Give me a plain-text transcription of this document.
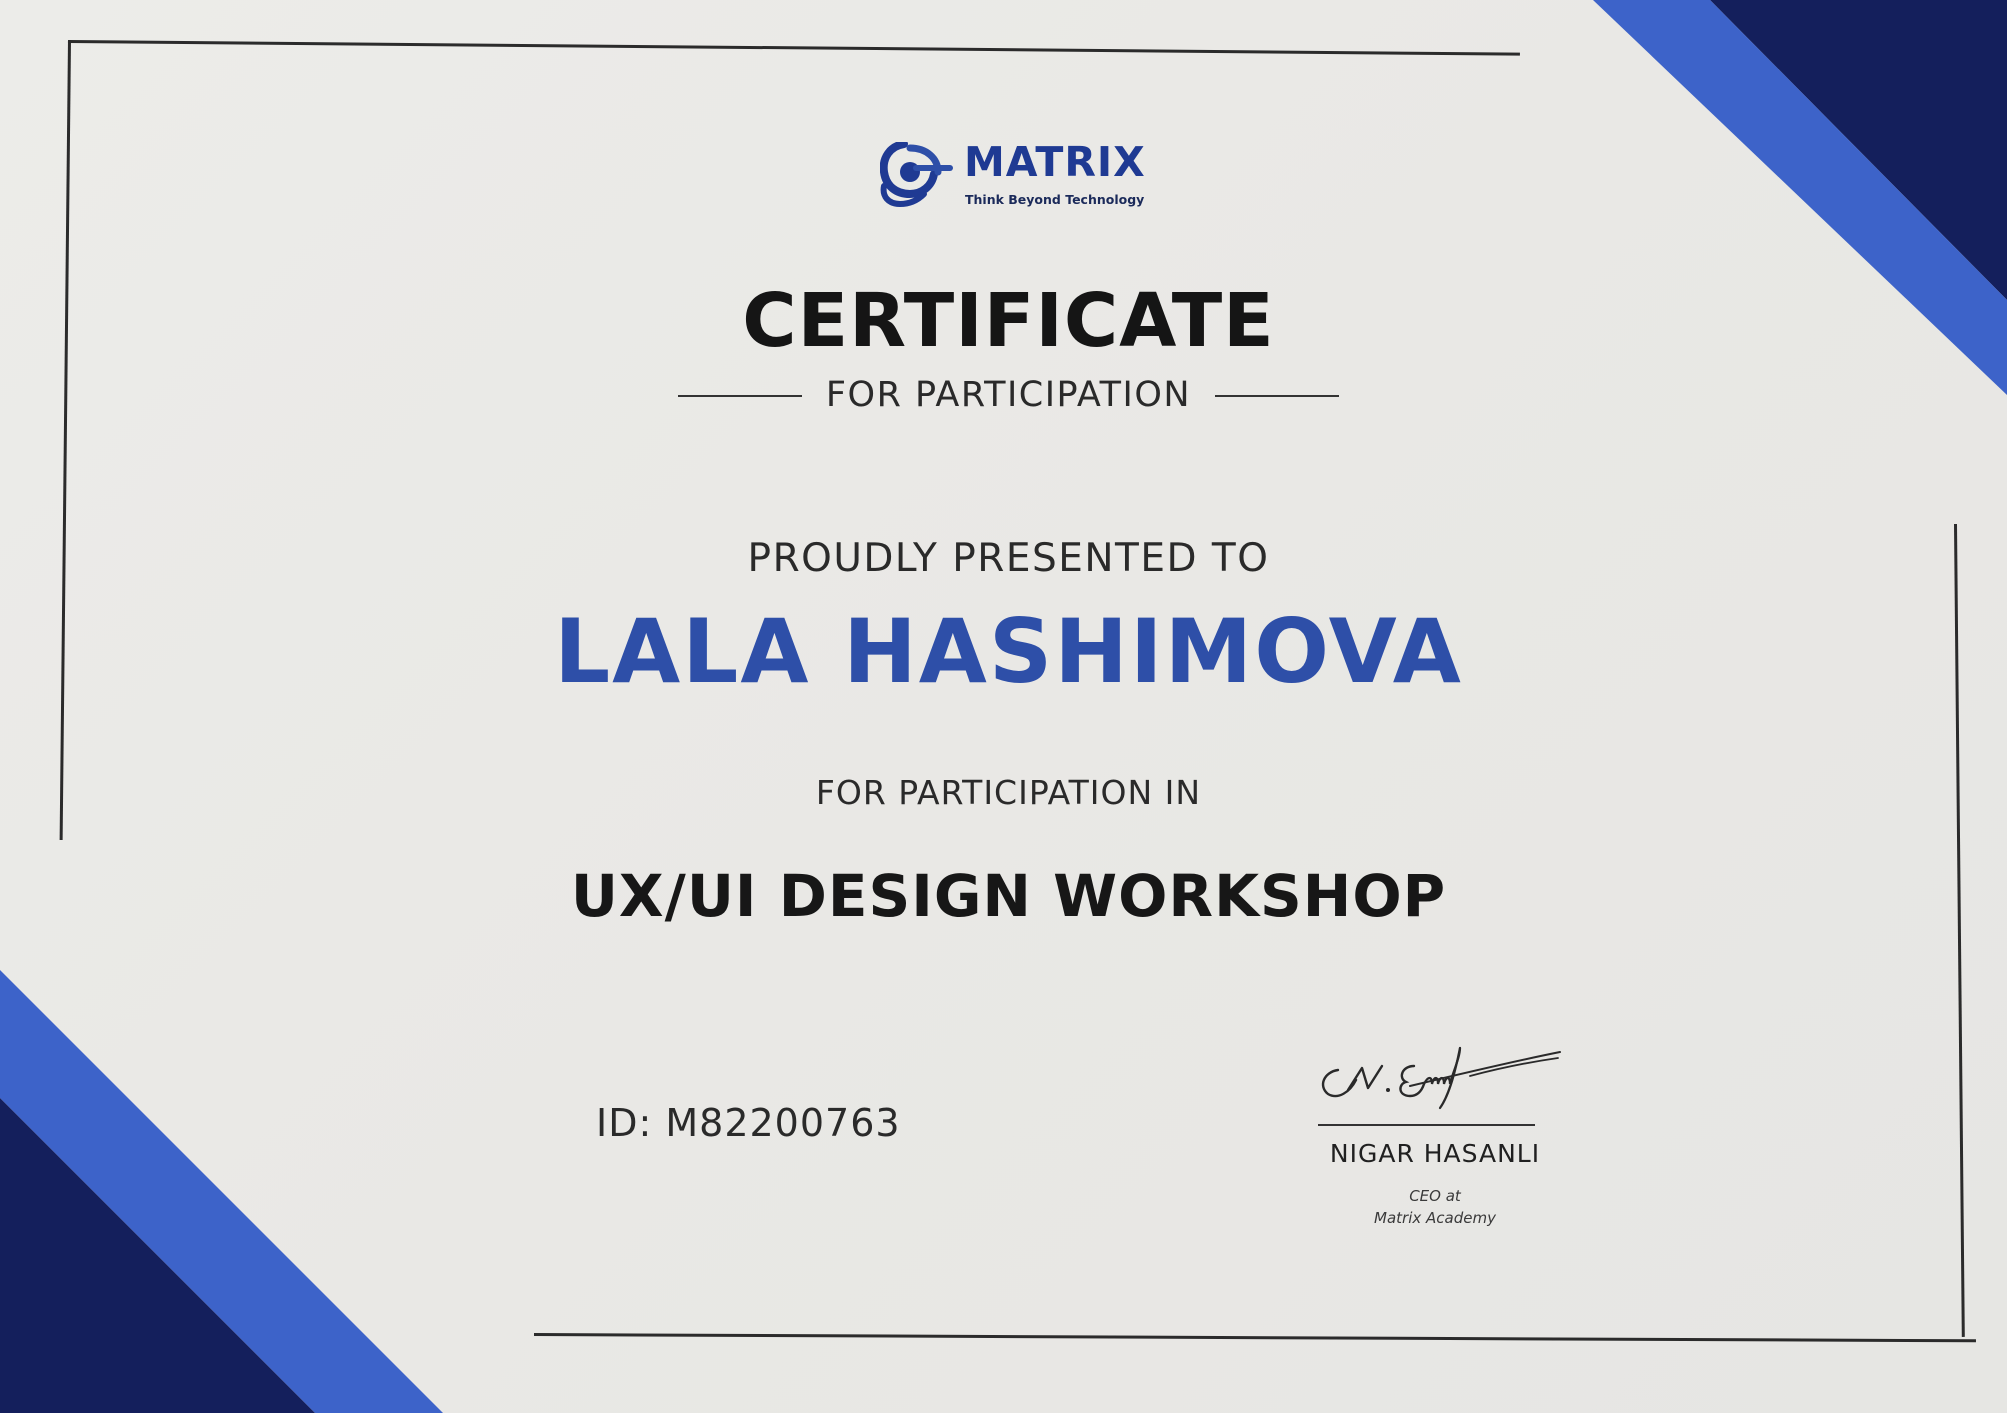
MATRIX
Think Beyond Technology
CERTIFICATE
FOR PARTICIPATION
PROUDLY PRESENTED TO
LALA HASHIMOVA
FOR PARTICIPATION IN
UX/UI DESIGN WORKSHOP
ID: M82200763
NIGAR HASANLI
CEO at
Matrix Academy
